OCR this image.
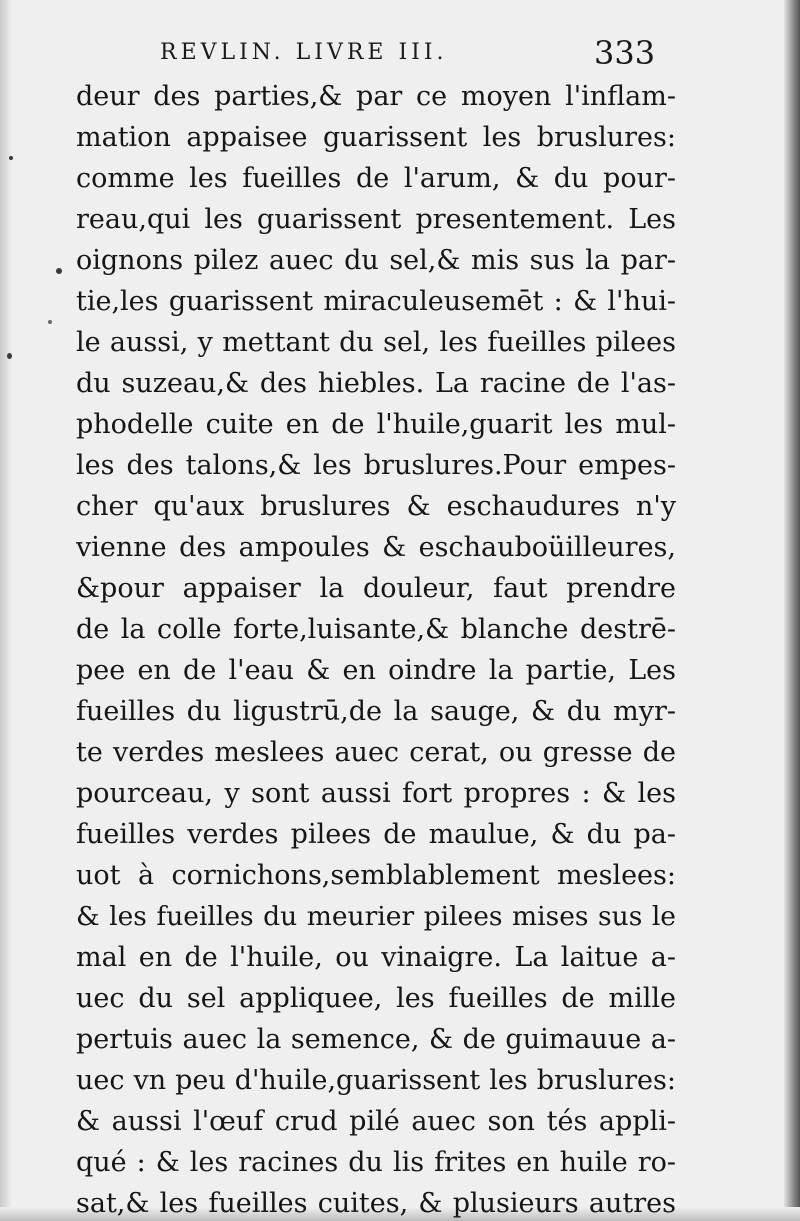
REVLIN. LIVRE III.	333
deur des parties,& par ce moyen l'inflam-
mation appaisee guarissent les bruslures:
comme les fueilles de l'arum, & du pour-
reau,qui les guarissent presentement. Les
oignons pilez auec du sel,& mis sus la par-
tie,les guarissent miraculeusemēt : & l'hui-
le aussi, y mettant du sel, les fueilles pilees
du suzeau,& des hiebles. La racine de l'as-
phodelle cuite en de l'huile,guarit les mul-
les des talons,& les bruslures.Pour empes-
cher qu'aux bruslures & eschaudures n'y
vienne des ampoules & eschauboüilleures,
&pour appaiser la douleur, faut prendre
de la colle forte,luisante,& blanche destrē-
pee en de l'eau & en oindre la partie, Les
fueilles du ligustrū,de la sauge, & du myr-
te verdes meslees auec cerat, ou gresse de
pourceau, y sont aussi fort propres : & les
fueilles verdes pilees de maulue, & du pa-
uot à cornichons,semblablement meslees:
& les fueilles du meurier pilees mises sus le
mal en de l'huile, ou vinaigre. La laitue a-
uec du sel appliquee, les fueilles de mille
pertuis auec la semence, & de guimauue a-
uec vn peu d'huile,guarissent les bruslures:
& aussi l'œuf crud pilé auec son tés appli-
qué : & les racines du lis frites en huile ro-
sat,& les fueilles cuites, & plusieurs autres
